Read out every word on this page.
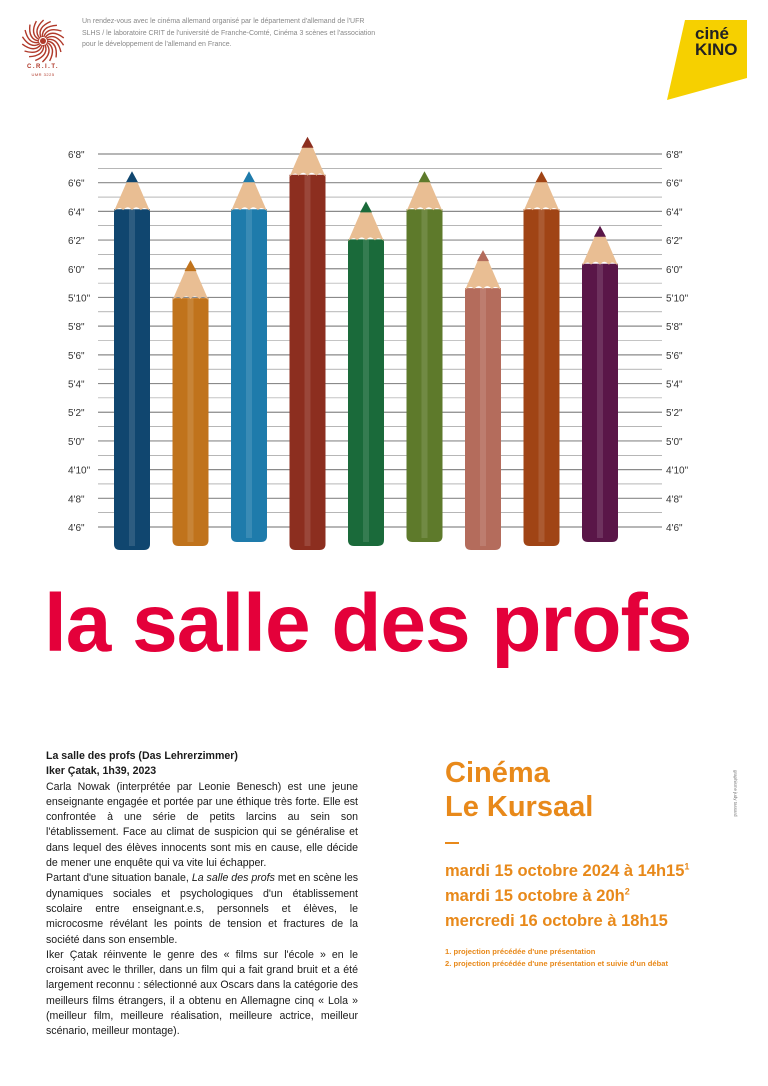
C.R.I.T.
UMR 3225
Un rendez-vous avec le cinéma allemand organisé par le département d'allemand de l'UFR SLHS / le laboratoire CRIT de l'université de Franche-Comté, Cinéma 3 scènes et l'association pour le développement de l'allemand en France.
ciné
KINO
6'8"	6'8"
6'6"	6'6"
6'4"	6'4"
6'2"	6'2"
6'0"	6'0"
5'10"	5'10"
5'8"	5'8"
5'6"	5'6"
5'4"	5'4"
5'2"	5'2"
5'0"	5'0"
4'10"	4'10"
4'8"	4'8"
4'6"	4'6"
la salle des profs

La salle des profs (Das Lehrerzimmer)

Iker Çatak, 1h39, 2023

Carla Nowak (interprétée par Leonie Benesch) est une jeune enseignante engagée et portée par une éthique très forte. Elle est confrontée à une série de petits larcins au sein son l'établissement. Face au climat de suspicion qui se généralise et dans lequel des élèves innocents sont mis en cause, elle décide de mener une enquête qui va vite lui échapper.

Partant d'une situation banale, La salle des profs met en scène les dynamiques sociales et psychologiques d'un établissement scolaire entre enseignant.e.s, personnels et élèves, le microcosme révélant les points de tension et fractures de la société dans son ensemble.

Iker Çatak réinvente le genre des « films sur l'école » en le croisant avec le thriller, dans un film qui a fait grand bruit et a été largement reconnu : sélectionné aux Oscars dans la catégorie des meilleurs films étrangers, il a obtenu en Allemagne cinq « Lola » (meilleur film, meilleure réalisation, meilleure actrice, meilleur scénario, meilleur montage).

Cinéma
Le Kursaal
mardi 15 octobre 2024 à $14h15^1$
mardi 15 octobre à $20h^2$
mercredi 16 octobre à 18h15
1. projection précédée d'une présentation
2. projection précédée d'une présentation et suivie d'un débat
graphisme judy tassard
